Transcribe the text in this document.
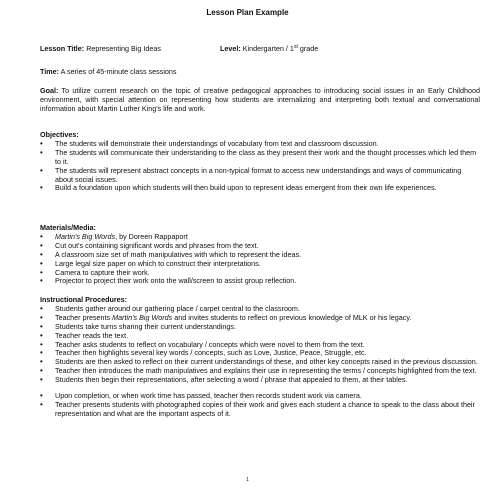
Lesson Plan Example
Lesson Title: Representing Big Ideas	Level: Kindergarten / 1st grade
Time: A series of 45-minute class sessions
Goal: To utilize current research on the topic of creative pedagogical approaches to introducing social issues in an Early Childhood environment, with special attention on representing how students are internalizing and interpreting both textual and conversational information about Martin Luther King's life and work.
Objectives:
• The students will demonstrate their understandings of vocabulary from text and classroom discussion.
• The students will communicate their understanding to the class as they present their work and the thought processes which led them to it.
• The students will represent abstract concepts in a non-typical format to access new understandings and ways of communicating about social issues.
• Build a foundation upon which students will then build upon to represent ideas emergent from their own life experiences.
Materials/Media:
• Martin's Big Words, by Doreen Rappaport
• Cut out's containing significant words and phrases from the text.
• A classroom size set of math manipulatives with which to represent the ideas.
• Large legal size paper on which to construct their interpretations.
• Camera to capture their work.
• Projector to project their work onto the wall/screen to assist group reflection.
Instructional Procedures:
• Students gather around our gathering place / carpet central to the classroom.
• Teacher presents Martin's Big Words and invites students to reflect on previous knowledge of MLK or his legacy.
• Students take turns sharing their current understandings.
• Teacher reads the text.
• Teacher asks students to reflect on vocabulary / concepts which were novel to them from the text.
• Teacher then highlights several key words / concepts, such as Love, Justice, Peace, Struggle, etc.
• Students are then asked to reflect on their current understandings of these, and other key concepts raised in the previous discussion.
• Teacher then introduces the math manipulatives and explains their use in representing the terms / concepts highlighted from the text.
• Students then begin their representations, after selecting a word / phrase that appealed to them, at their tables.
• Upon completion, or when work time has passed, teacher then records student work via camera.
• Teacher presents students with photographed copies of their work and gives each student a chance to speak to the class about their representation and what are the important aspects of it.
1
